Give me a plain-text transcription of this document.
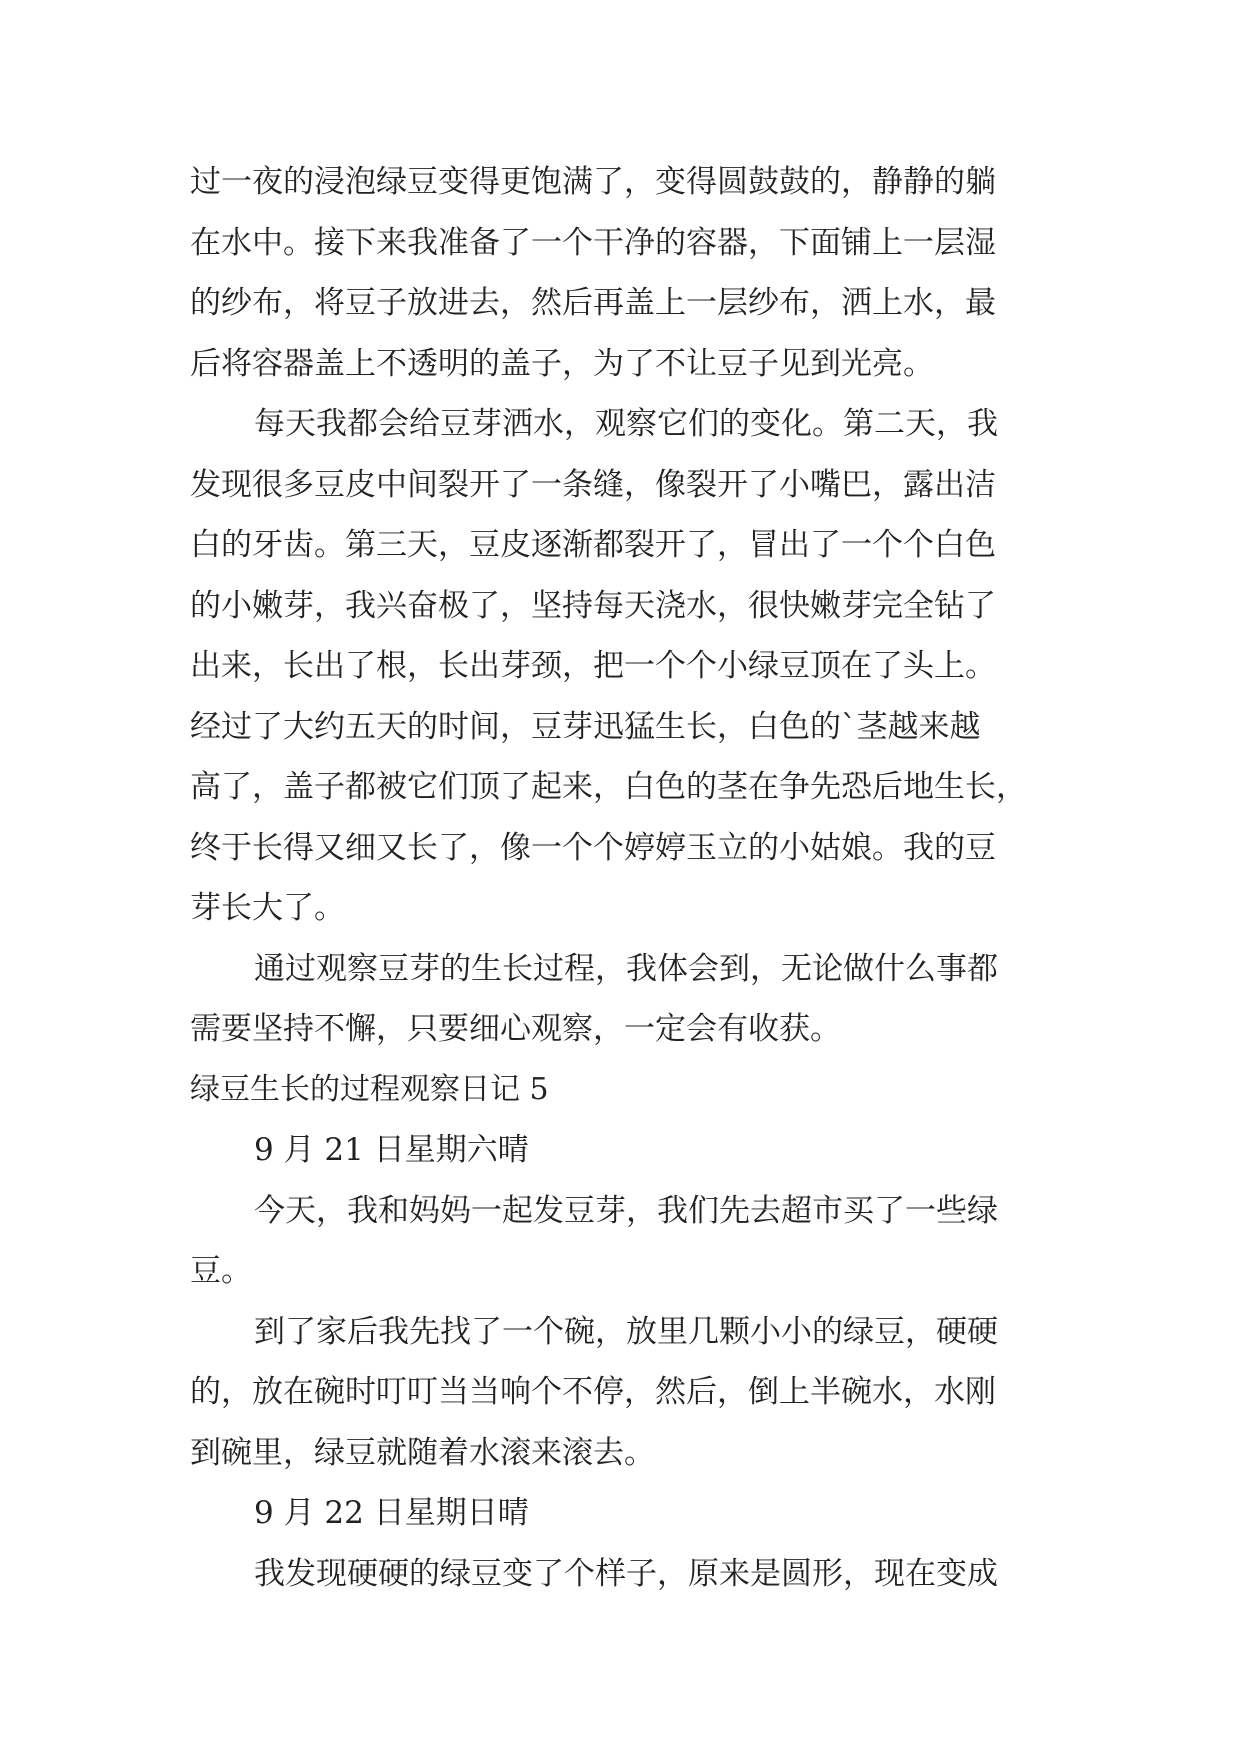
过一夜的浸泡绿豆变得更饱满了，变得圆鼓鼓的，静静的躺
在水中。接下来我准备了一个干净的容器，下面铺上一层湿
的纱布，将豆子放进去，然后再盖上一层纱布，洒上水，最
后将容器盖上不透明的盖子，为了不让豆子见到光亮。
每天我都会给豆芽洒水，观察它们的变化。第二天，我
发现很多豆皮中间裂开了一条缝，像裂开了小嘴巴，露出洁
白的牙齿。第三天，豆皮逐渐都裂开了，冒出了一个个白色
的小嫩芽，我兴奋极了，坚持每天浇水，很快嫩芽完全钻了
出来，长出了根，长出芽颈，把一个个小绿豆顶在了头上。
经过了大约五天的时间，豆芽迅猛生长，白色的`茎越来越
高了，盖子都被它们顶了起来，白色的茎在争先恐后地生长，
终于长得又细又长了，像一个个婷婷玉立的小姑娘。我的豆
芽长大了。
通过观察豆芽的生长过程，我体会到，无论做什么事都
需要坚持不懈，只要细心观察，一定会有收获。
绿豆生长的过程观察日记 5
9 月 21 日星期六晴
今天，我和妈妈一起发豆芽，我们先去超市买了一些绿
豆。
到了家后我先找了一个碗，放里几颗小小的绿豆，硬硬
的，放在碗时叮叮当当响个不停，然后，倒上半碗水，水刚
到碗里，绿豆就随着水滚来滚去。
9 月 22 日星期日晴
我发现硬硬的绿豆变了个样子，原来是圆形，现在变成
